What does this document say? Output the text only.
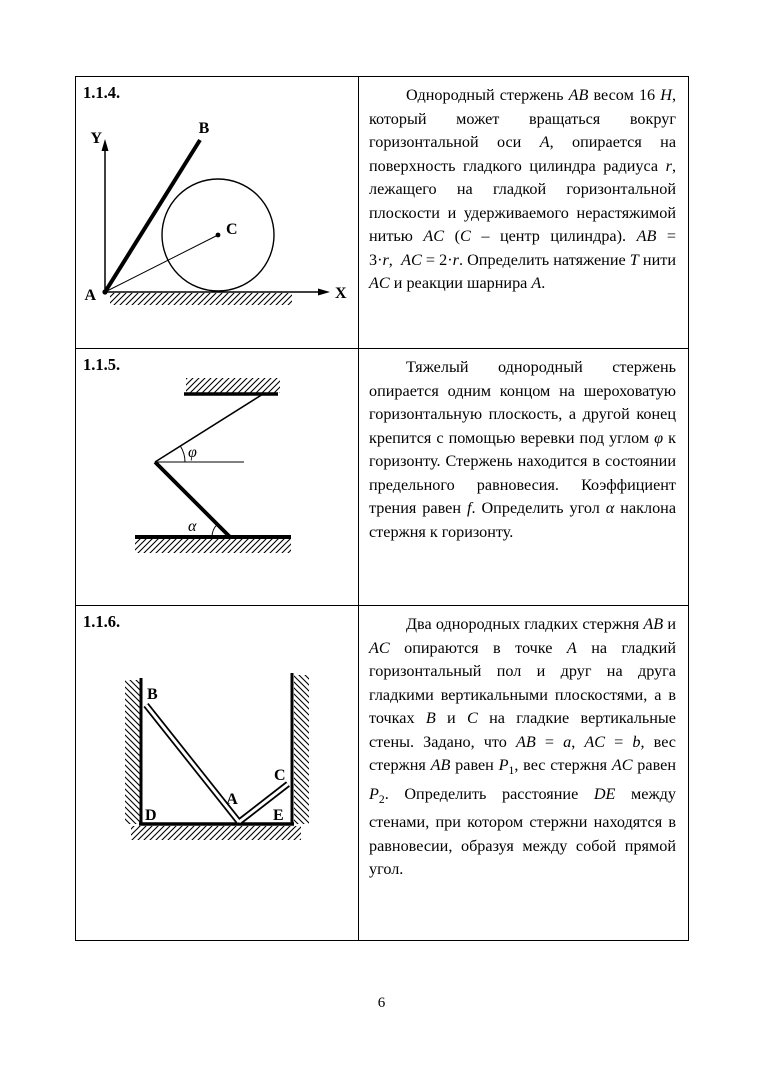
1.1.4.
Y
X
B
A
C

Однородный стержень AB весом 16 Н, который может вращаться вокруг горизонтальной оси A, опирается на поверхность гладкого цилиндра радиуса r, лежащего на гладкой горизонтальной плоскости и удерживаемого нерастяжимой нитью AC (C – центр цилиндра). AB = 3·r,  AC = 2·r. Определить натяжение T нити AC и реакции шарнира A.

1.1.5.
φ
α

Тяжелый однородный стержень опирается одним концом на шероховатую горизонтальную плоскость, а другой конец крепится с помощью веревки под углом φ к горизонту. Стержень находится в состоянии предельного равновесия. Коэффициент трения равен f. Определить угол α наклона стержня к горизонту.

1.1.6.
B
C
A
D	E

Два однородных гладких стержня AB и AC опираются в точке A на гладкий горизонтальный пол и друг на друга гладкими вертикальными плоскостями, а в точках B и C на гладкие вертикальные стены. Задано, что AB = a, AC = b, вес стержня AB равен $P_1$, вес стержня AC равен $P_2$. Определить расстояние DE между стенами, при котором стержни находятся в равновесии, образуя между собой прямой угол.

6
